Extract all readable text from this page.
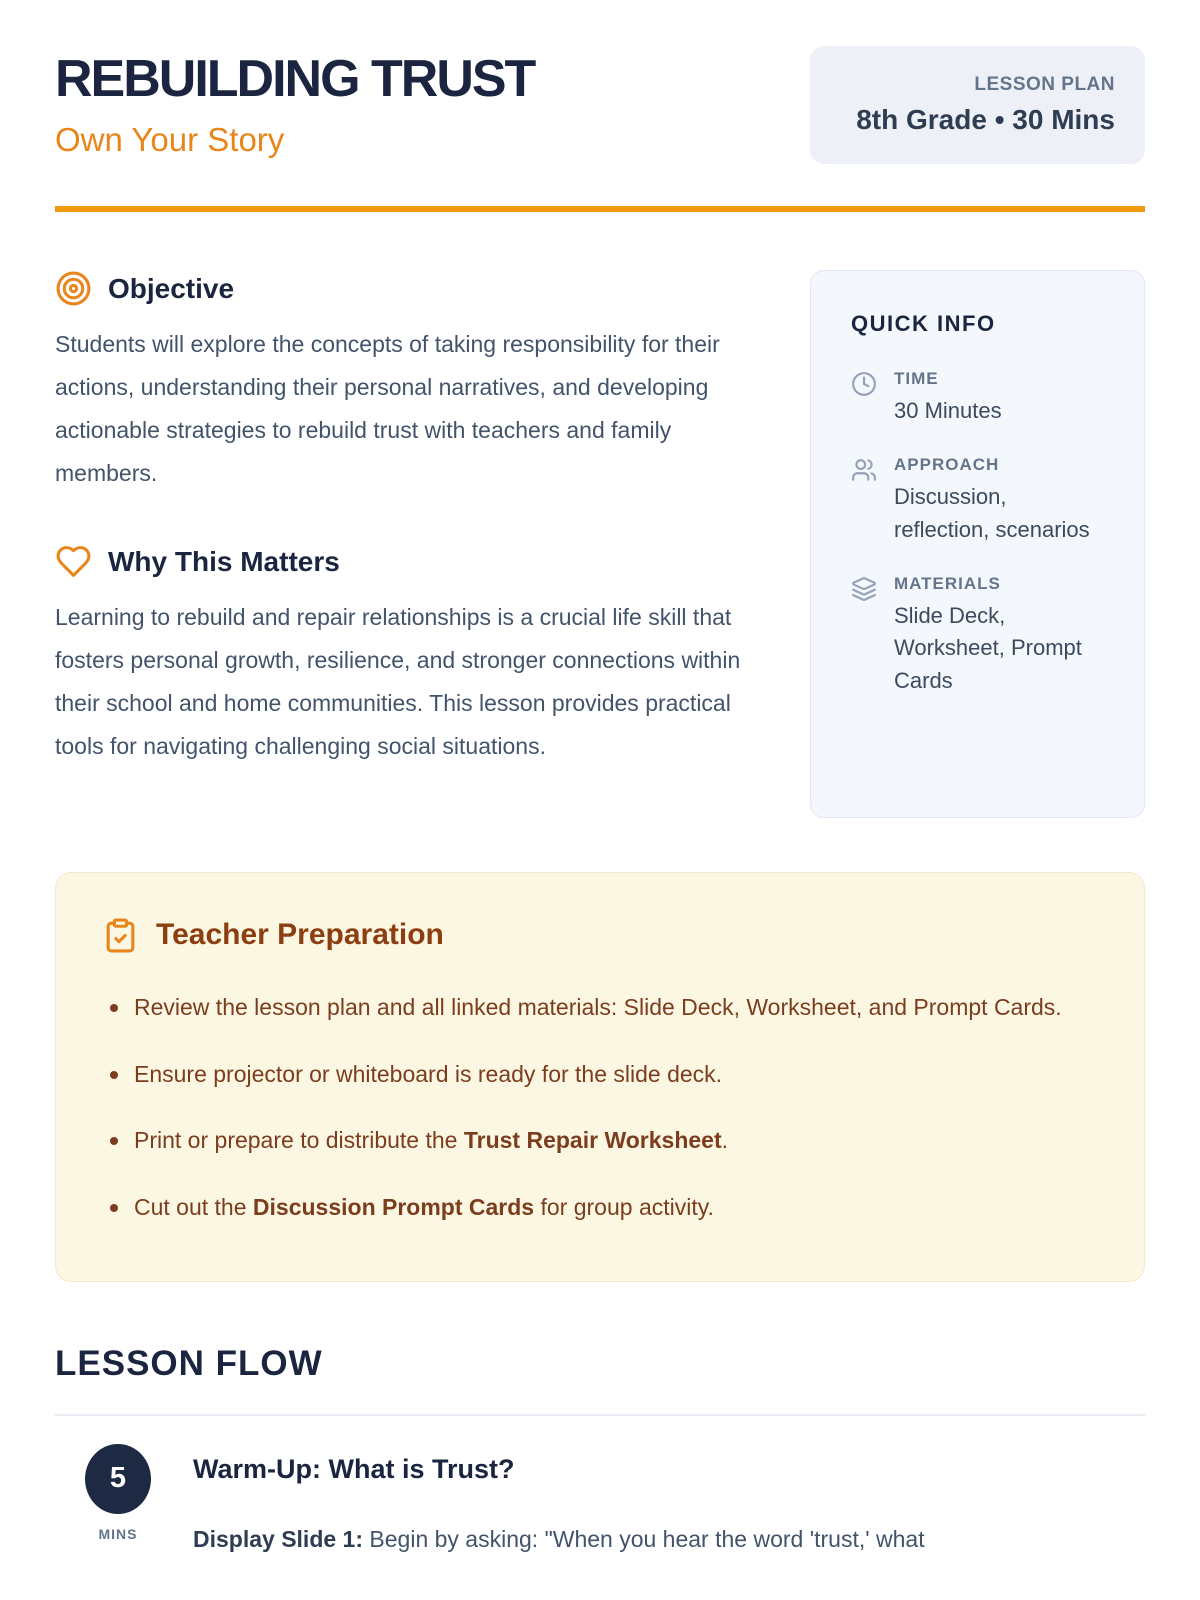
REBUILDING TRUST
Own Your Story
LESSON PLAN
8th Grade • 30 Mins
Objective

Students will explore the concepts of taking responsibility for their actions, understanding their personal narratives, and developing actionable strategies to rebuild trust with teachers and family members.

Why This Matters

Learning to rebuild and repair relationships is a crucial life skill that fosters personal growth, resilience, and stronger connections within their school and home communities. This lesson provides practical tools for navigating challenging social situations.

QUICK INFO
TIME
30 Minutes
APPROACH
Discussion, reflection, scenarios
MATERIALS
Slide Deck, Worksheet, Prompt Cards
Teacher Preparation
Review the lesson plan and all linked materials: Slide Deck, Worksheet, and Prompt Cards.
Ensure projector or whiteboard is ready for the slide deck.
Print or prepare to distribute the Trust Repair Worksheet.
Cut out the Discussion Prompt Cards for group activity.
LESSON FLOW
5
MINS
Warm-Up: What is Trust?

Display Slide 1: Begin by asking: "When you hear the word 'trust,' what
